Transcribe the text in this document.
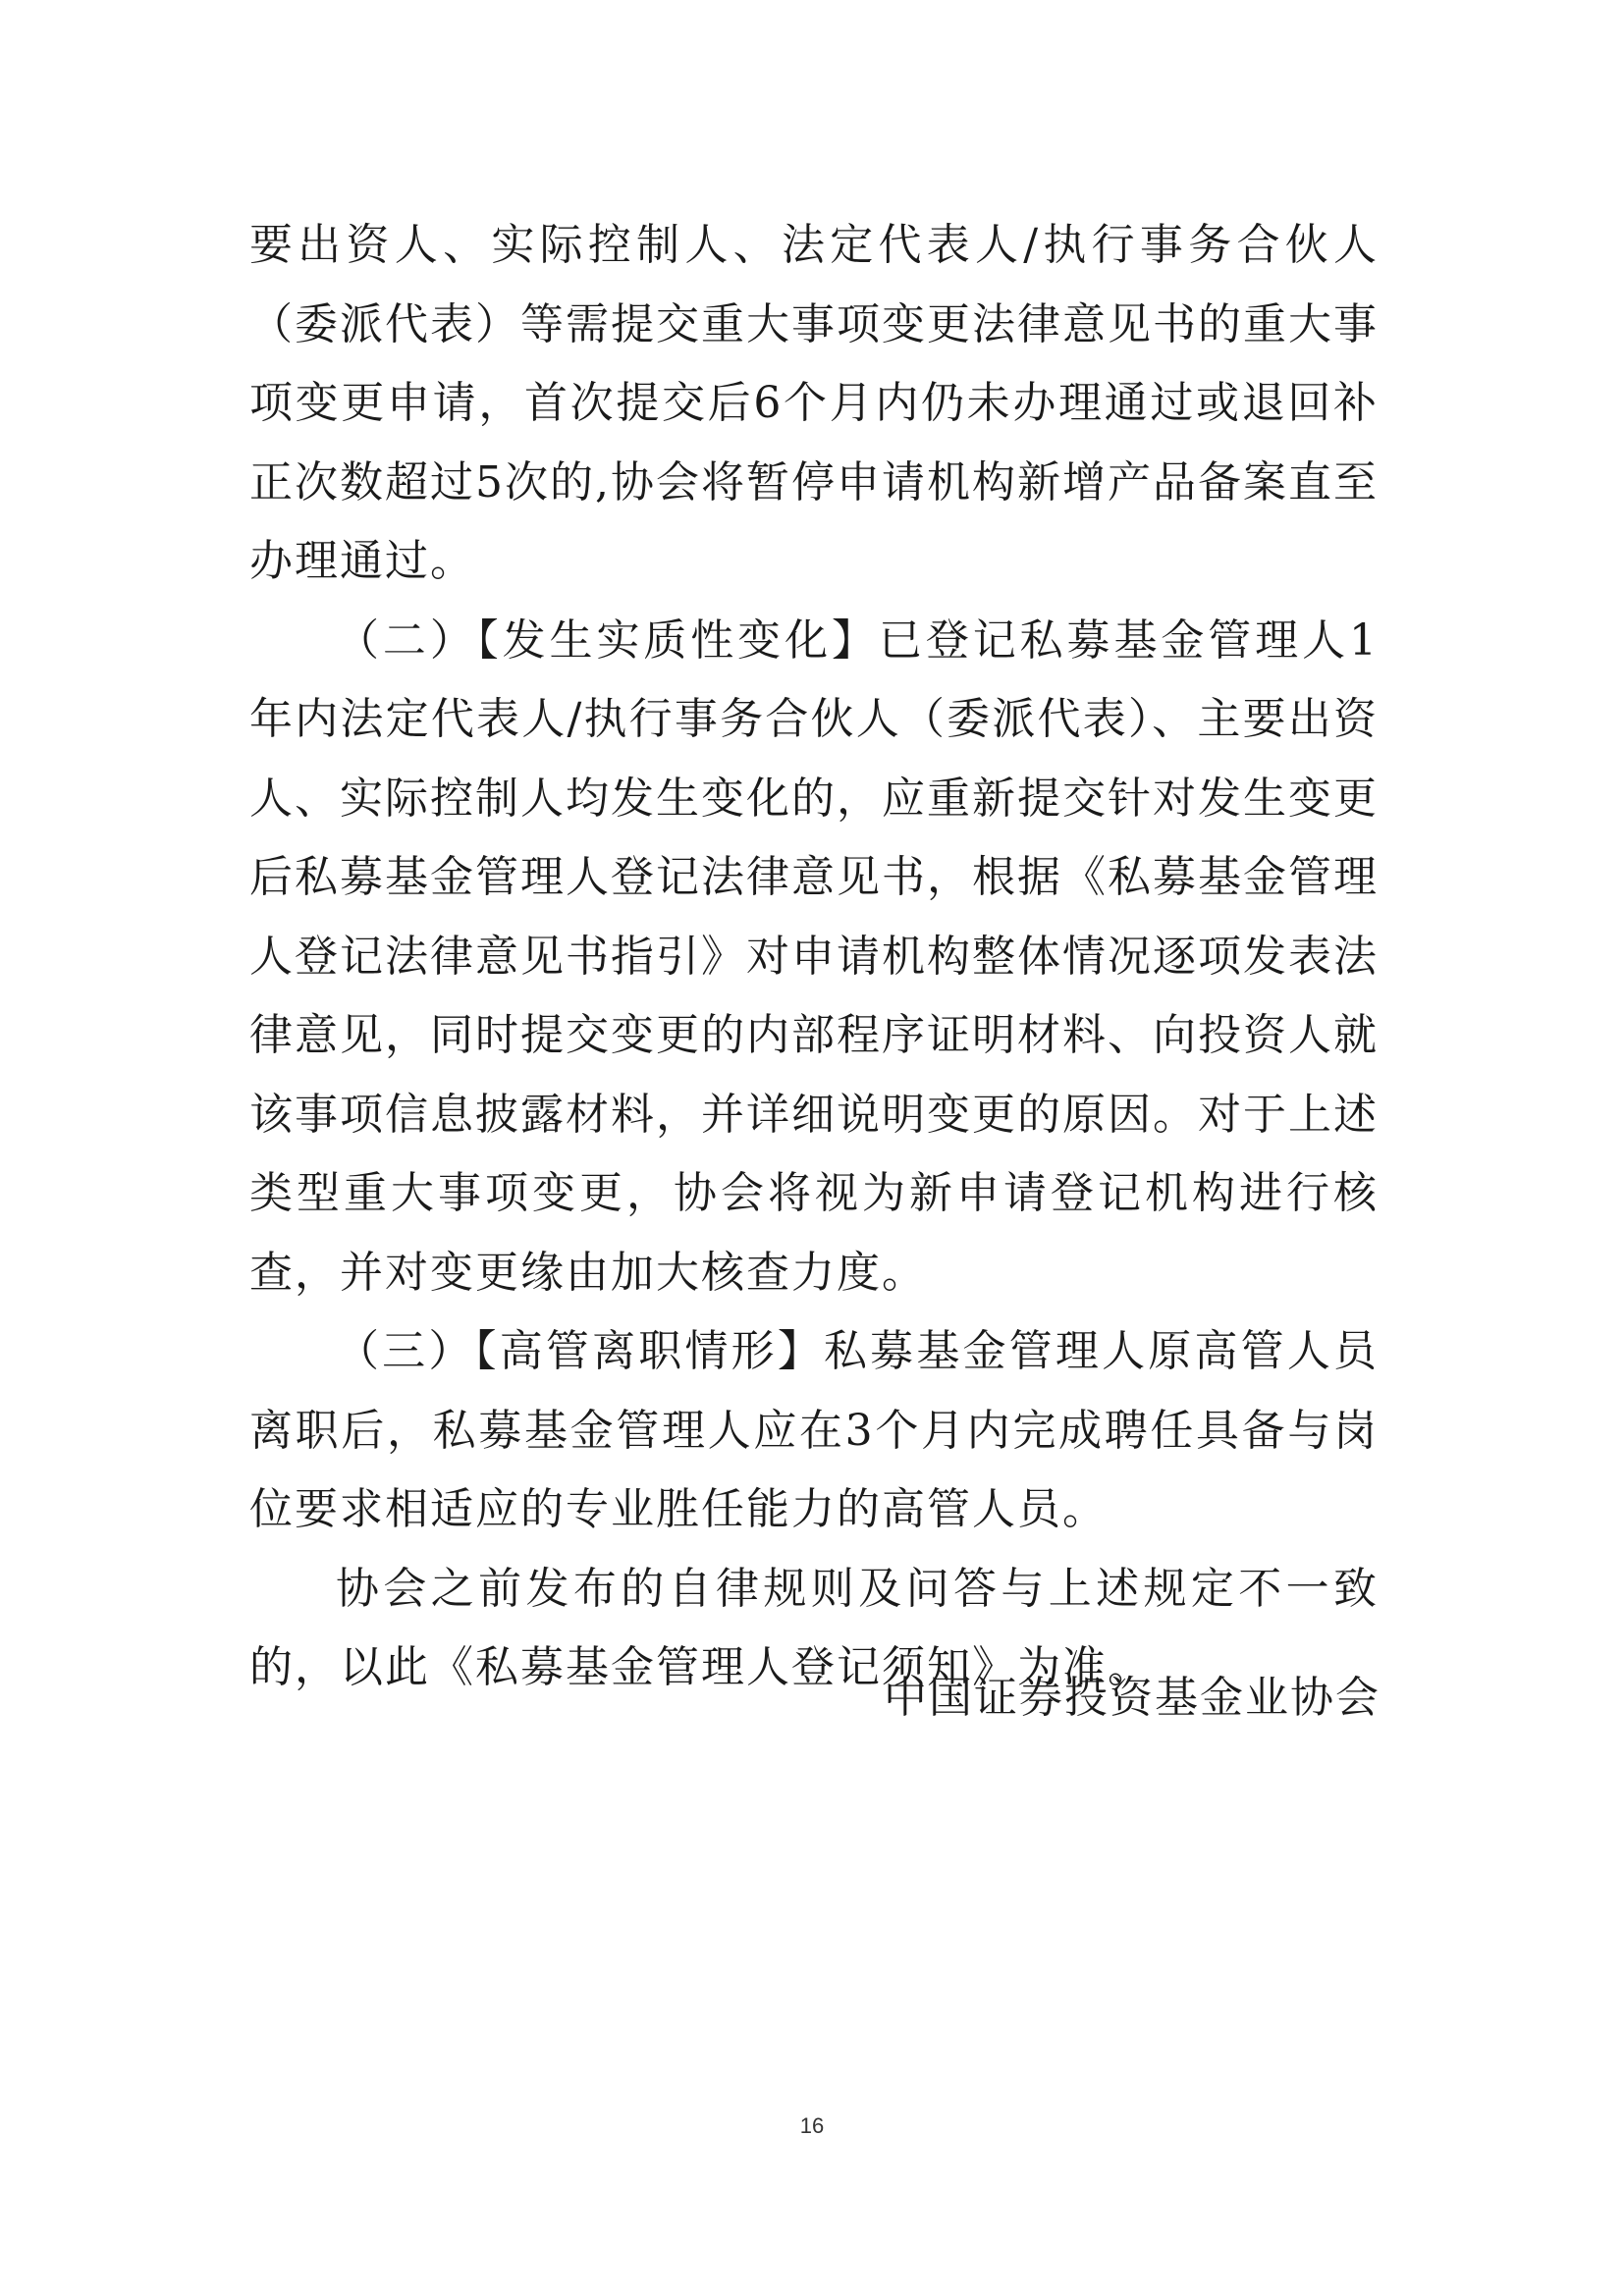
要出资人、实际控制人、法定代表人/执行事务合伙人（委派代表）等需提交重大事项变更法律意见书的重大事项变更申请，首次提交后6个月内仍未办理通过或退回补正次数超过5次的,协会将暂停申请机构新增产品备案直至办理通过。

（二）【发生实质性变化】已登记私募基金管理人1年内法定代表人/执行事务合伙人（委派代表）、主要出资人、实际控制人均发生变化的，应重新提交针对发生变更后私募基金管理人登记法律意见书，根据《私募基金管理人登记法律意见书指引》对申请机构整体情况逐项发表法律意见，同时提交变更的内部程序证明材料、向投资人就该事项信息披露材料，并详细说明变更的原因。对于上述类型重大事项变更，协会将视为新申请登记机构进行核查，并对变更缘由加大核查力度。

（三）【高管离职情形】私募基金管理人原高管人员离职后，私募基金管理人应在3个月内完成聘任具备与岗位要求相适应的专业胜任能力的高管人员。

协会之前发布的自律规则及问答与上述规定不一致的，以此《私募基金管理人登记须知》为准。

中国证券投资基金业协会
16
